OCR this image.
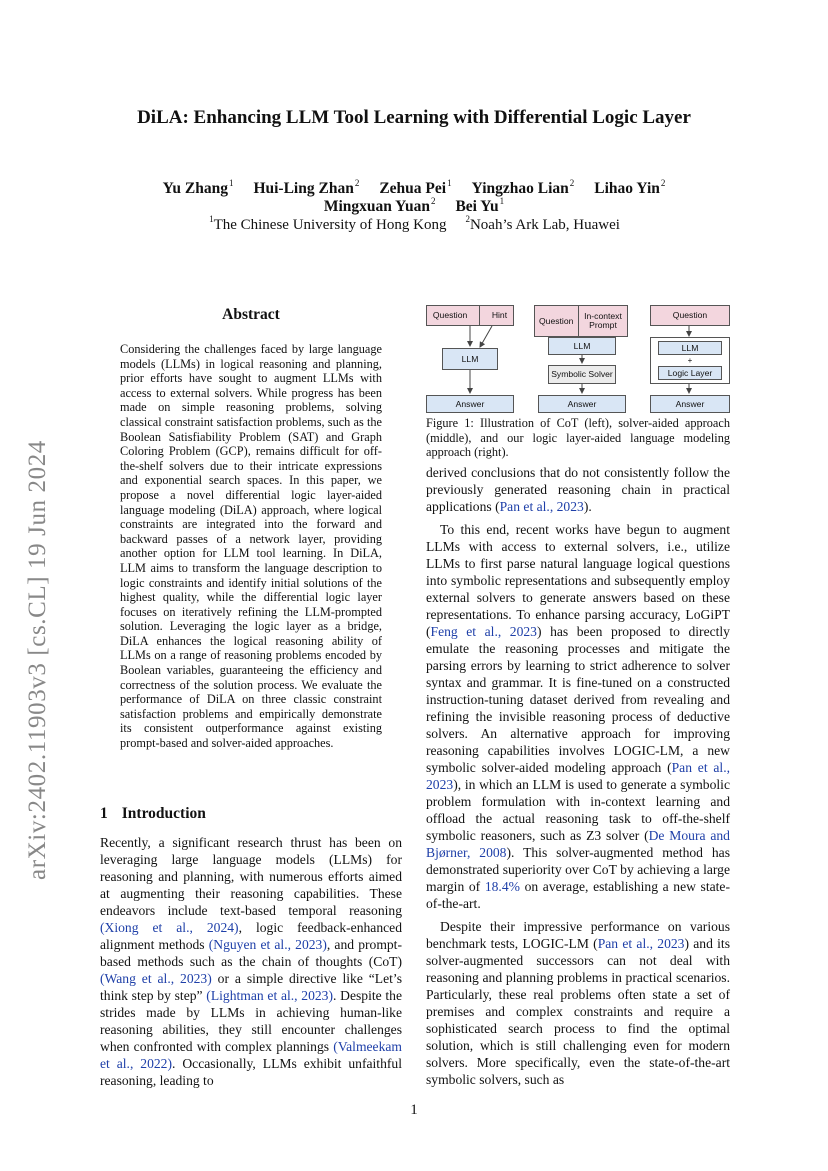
DiLA: Enhancing LLM Tool Learning with Differential Logic Layer
Yu Zhang$^1$ Hui-Ling Zhan$^2$ Zehua Pei$^1$ Yingzhao Lian$^2$ Lihao Yin$^2$
Mingxuan Yuan$^2$ Bei Yu$^1$
$^1$The Chinese University of Hong Kong $^2$Noah’s Ark Lab, Huawei
arXiv:2402.11903v3 [cs.CL] 19 Jun 2024
Abstract
Considering the challenges faced by large language models (LLMs) in logical reasoning and planning, prior efforts have sought to augment LLMs with access to external solvers. While progress has been made on simple reasoning problems, solving classical constraint satisfaction problems, such as the Boolean Satisfiability Problem (SAT) and Graph Coloring Problem (GCP), remains difficult for off-the-shelf solvers due to their intricate expressions and exponential search spaces. In this paper, we propose a novel differential logic layer-aided language modeling (DiLA) approach, where logical constraints are integrated into the forward and backward passes of a network layer, providing another option for LLM tool learning. In DiLA, LLM aims to transform the language description to logic constraints and identify initial solutions of the highest quality, while the differential logic layer focuses on iteratively refining the LLM-prompted solution. Leveraging the logic layer as a bridge, DiLA enhances the logical reasoning ability of LLMs on a range of reasoning problems encoded by Boolean variables, guaranteeing the efficiency and correctness of the solution process. We evaluate the performance of DiLA on three classic constraint satisfaction problems and empirically demonstrate its consistent outperformance against existing prompt-based and solver-aided approaches.
1 Introduction
Recently, a significant research thrust has been on leveraging large language models (LLMs) for reasoning and planning, with numerous efforts aimed at augmenting their reasoning capabilities. These endeavors include text-based temporal reasoning (Xiong et al., 2024), logic feedback-enhanced alignment methods (Nguyen et al., 2023), and prompt-based methods such as the chain of thoughts (CoT) (Wang et al., 2023) or a simple directive like “Let’s think step by step” (Lightman et al., 2023). Despite the strides made by LLMs in achieving human-like reasoning abilities, they still encounter challenges when confronted with complex plannings (Valmeekam et al., 2022). Occasionally, LLMs exhibit unfaithful reasoning, leading to
Question	Hint
LLM
Answer
Question In-context Prompt
LLM
Symbolic Solver
Answer
Question
LLM
+
Logic Layer
Answer
Figure 1: Illustration of CoT (left), solver-aided approach (middle), and our logic layer-aided language modeling approach (right).
derived conclusions that do not consistently follow the previously generated reasoning chain in practical applications (Pan et al., 2023).
To this end, recent works have begun to augment LLMs with access to external solvers, i.e., utilize LLMs to first parse natural language logical questions into symbolic representations and subsequently employ external solvers to generate answers based on these representations. To enhance parsing accuracy, LoGiPT (Feng et al., 2023) has been proposed to directly emulate the reasoning processes and mitigate the parsing errors by learning to strict adherence to solver syntax and grammar. It is fine-tuned on a constructed instruction-tuning dataset derived from revealing and refining the invisible reasoning process of deductive solvers. An alternative approach for improving reasoning capabilities involves LOGIC-LM, a new symbolic solver-aided modeling approach (Pan et al., 2023), in which an LLM is used to generate a symbolic problem formulation with in-context learning and offload the actual reasoning task to off-the-shelf symbolic reasoners, such as Z3 solver (De Moura and Bjørner, 2008). This solver-augmented method has demonstrated superiority over CoT by achieving a large margin of 18.4% on average, establishing a new state-of-the-art.
Despite their impressive performance on various benchmark tests, LOGIC-LM (Pan et al., 2023) and its solver-augmented successors can not deal with reasoning and planning problems in practical scenarios. Particularly, these real problems often state a set of premises and complex constraints and require a sophisticated search process to find the optimal solution, which is still challenging even for modern solvers. More specifically, even the state-of-the-art symbolic solvers, such as
1
